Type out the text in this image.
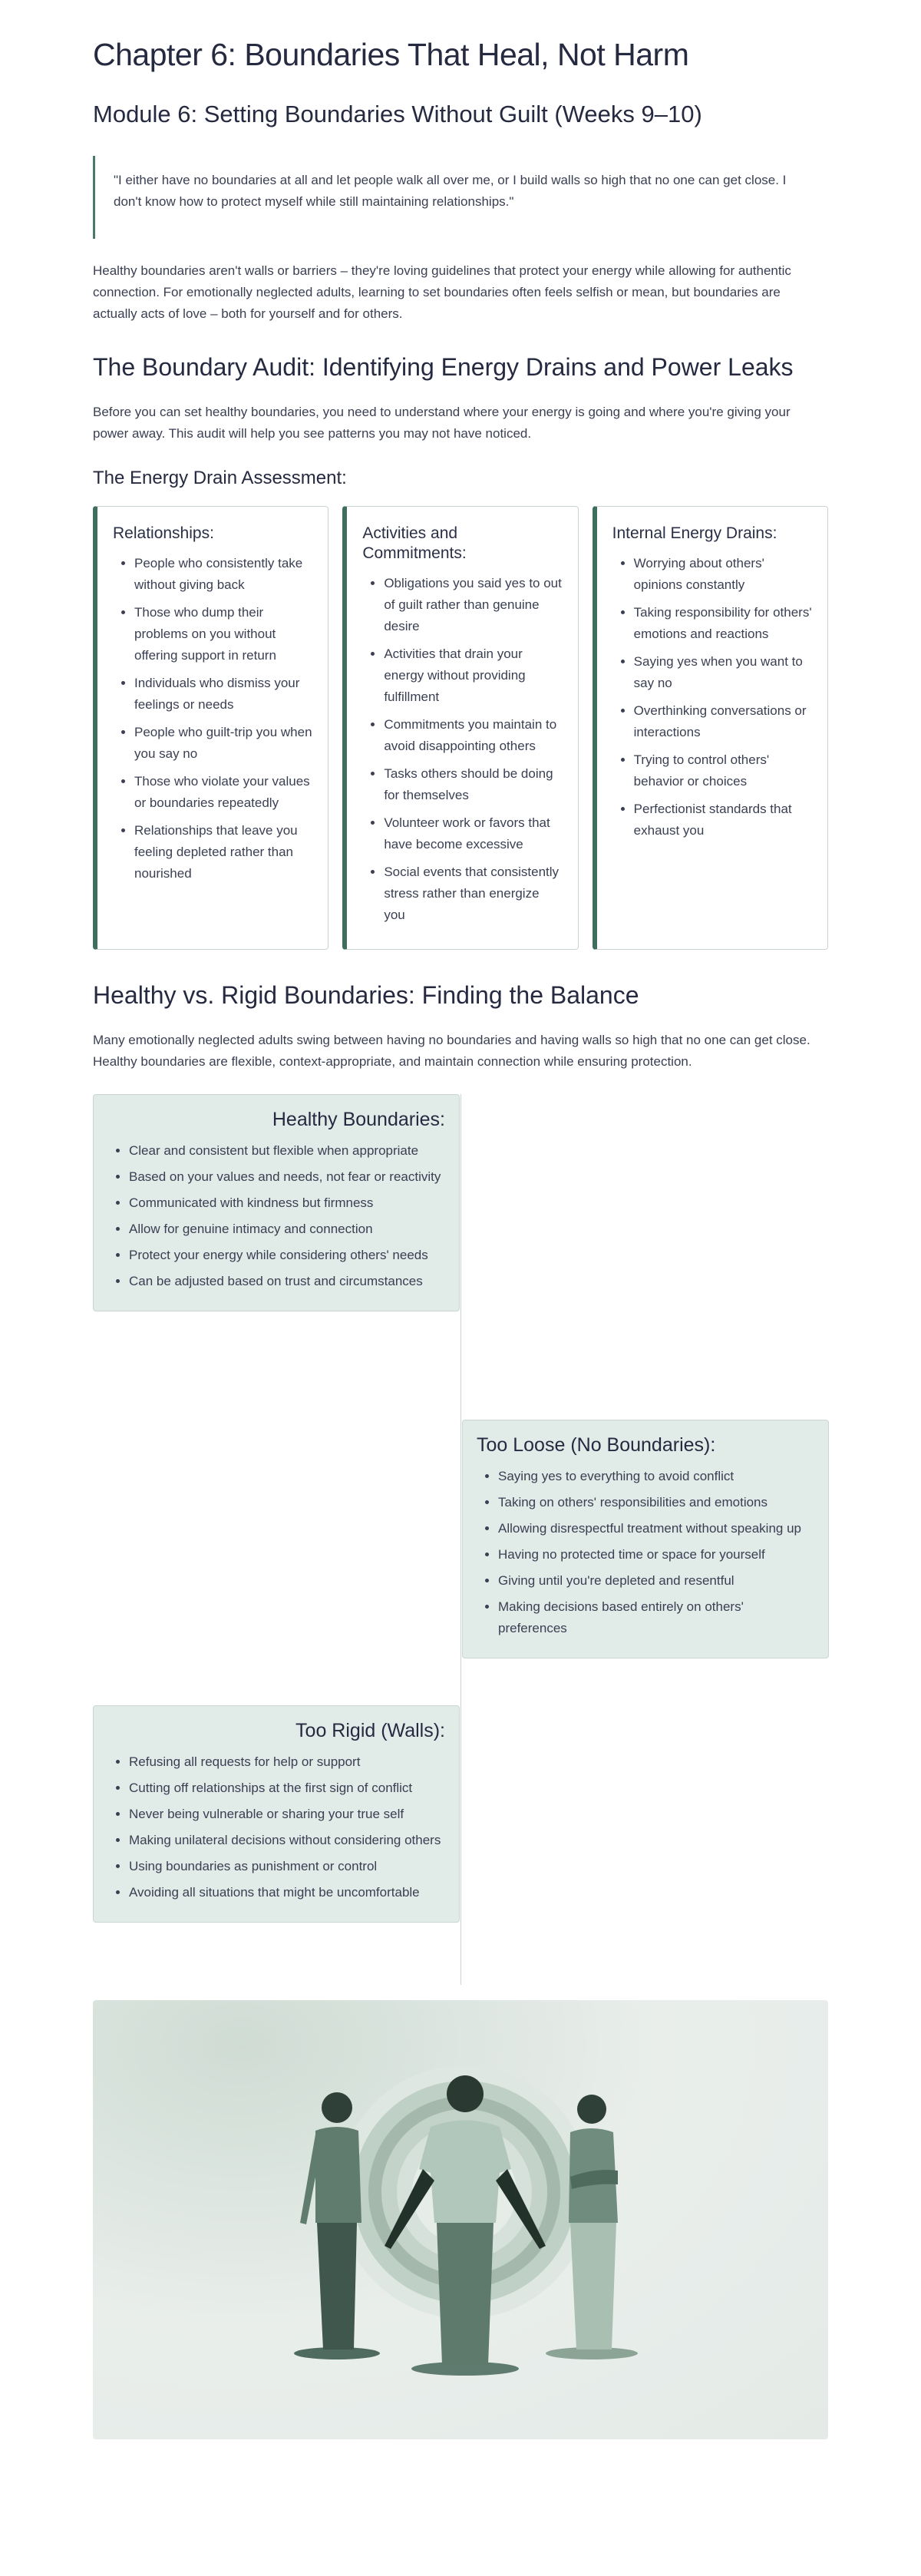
Chapter 6: Boundaries That Heal, Not Harm
Module 6: Setting Boundaries Without Guilt (Weeks 9–10)

"I either have no boundaries at all and let people walk all over me, or I build walls so high that no one can get close. I don't know how to protect myself while still maintaining relationships."

Healthy boundaries aren't walls or barriers – they're loving guidelines that protect your energy while allowing for authentic connection. For emotionally neglected adults, learning to set boundaries often feels selfish or mean, but boundaries are actually acts of love – both for yourself and for others.

The Boundary Audit: Identifying Energy Drains and Power Leaks

Before you can set healthy boundaries, you need to understand where your energy is going and where you're giving your power away. This audit will help you see patterns you may not have noticed.

The Energy Drain Assessment:
Relationships:
• People who consistently take without giving back
• Those who dump their problems on you without offering support in return
• Individuals who dismiss your feelings or needs
• People who guilt-trip you when you say no
• Those who violate your values or boundaries repeatedly
• Relationships that leave you feeling depleted rather than nourished
Activities and Commitments:
• Obligations you said yes to out of guilt rather than genuine desire
• Activities that drain your energy without providing fulfillment
• Commitments you maintain to avoid disappointing others
• Tasks others should be doing for themselves
• Volunteer work or favors that have become excessive
• Social events that consistently stress rather than energize you
Internal Energy Drains:
• Worrying about others' opinions constantly
• Taking responsibility for others' emotions and reactions
• Saying yes when you want to say no
• Overthinking conversations or interactions
• Trying to control others' behavior or choices
• Perfectionist standards that exhaust you
Healthy vs. Rigid Boundaries: Finding the Balance

Many emotionally neglected adults swing between having no boundaries and having walls so high that no one can get close. Healthy boundaries are flexible, context-appropriate, and maintain connection while ensuring protection.

Healthy Boundaries:
• Clear and consistent but flexible when appropriate
• Based on your values and needs, not fear or reactivity
• Communicated with kindness but firmness
• Allow for genuine intimacy and connection
• Protect your energy while considering others' needs
• Can be adjusted based on trust and circumstances
Too Loose (No Boundaries):
• Saying yes to everything to avoid conflict
• Taking on others' responsibilities and emotions
• Allowing disrespectful treatment without speaking up
• Having no protected time or space for yourself
• Giving until you're depleted and resentful
• Making decisions based entirely on others' preferences
Too Rigid (Walls):
• Refusing all requests for help or support
• Cutting off relationships at the first sign of conflict
• Never being vulnerable or sharing your true self
• Making unilateral decisions without considering others
• Using boundaries as punishment or control
• Avoiding all situations that might be uncomfortable
